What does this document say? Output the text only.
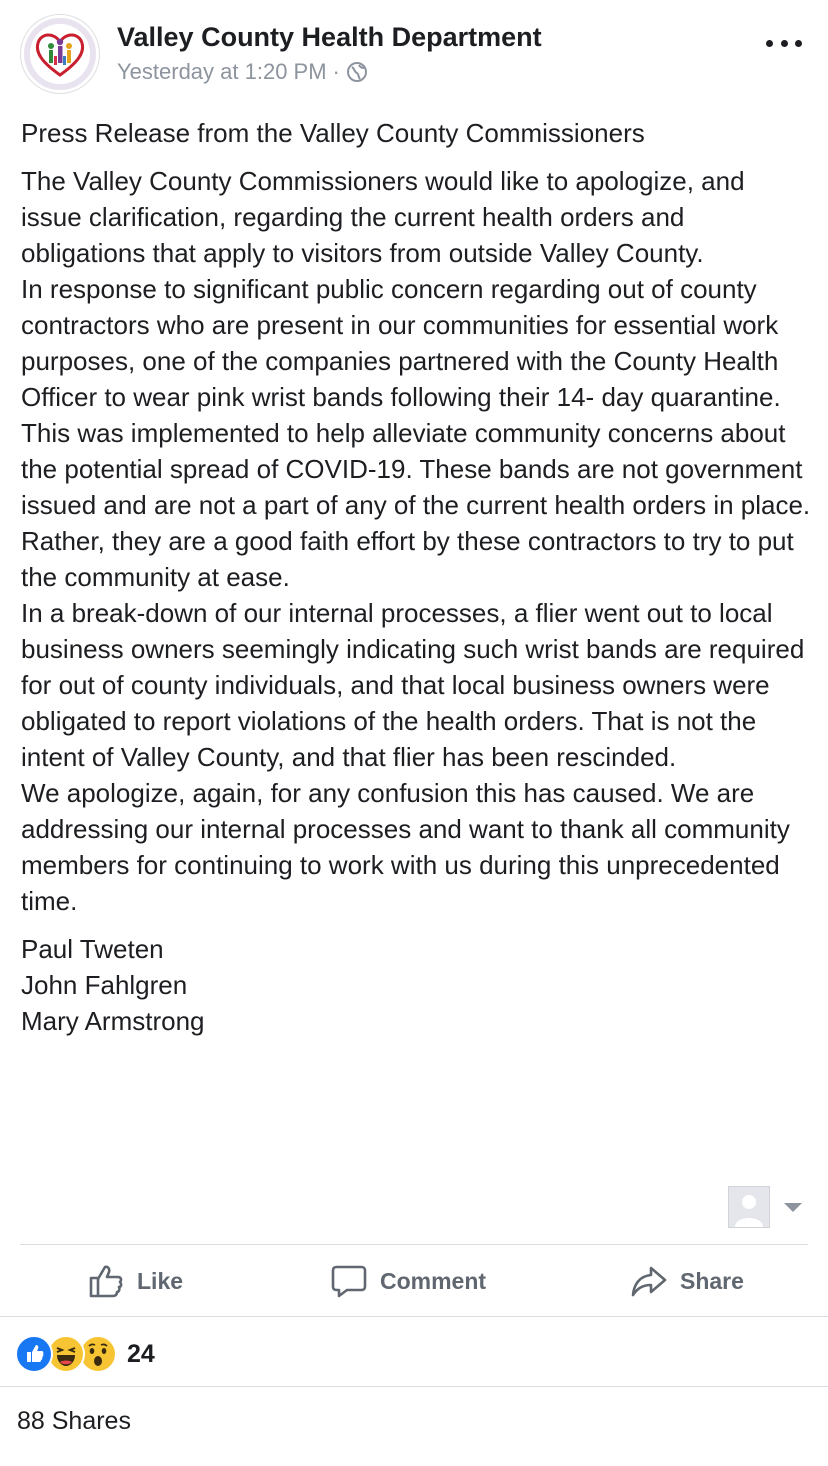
Valley County Health Department
Yesterday at 1:20 PM ·

Press Release from the Valley County Commissioners

The Valley County Commissioners would like to apologize, and issue clarification, regarding the current health orders and obligations that apply to visitors from outside Valley County.

In response to significant public concern regarding out of county contractors who are present in our communities for essential work purposes, one of the companies partnered with the County Health Officer to wear pink wrist bands following their 14- day quarantine. This was implemented to help alleviate community concerns about the potential spread of COVID-19. These bands are not government issued and are not a part of any of the current health orders in place. Rather, they are a good faith effort by these contractors to try to put the community at ease.

In a break-down of our internal processes, a flier went out to local business owners seemingly indicating such wrist bands are required for out of county individuals, and that local business owners were obligated to report violations of the health orders. That is not the intent of Valley County, and that flier has been rescinded.

We apologize, again, for any confusion this has caused. We are addressing our internal processes and want to thank all community members for continuing to work with us during this unprecedented time.

Paul Tweten
John Fahlgren
Mary Armstrong
Like	Comment	Share
24
88 Shares
